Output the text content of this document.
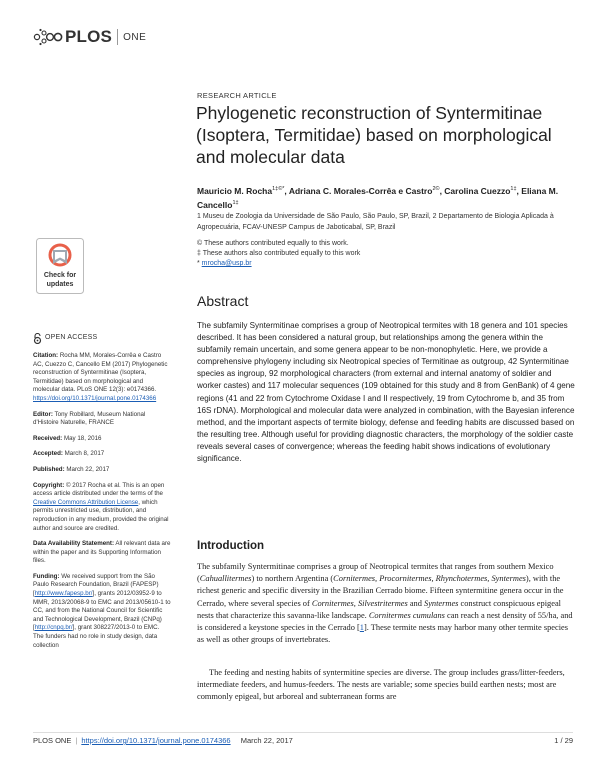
PLOS ONE
RESEARCH ARTICLE
Phylogenetic reconstruction of Syntermitinae (Isoptera, Termitidae) based on morphological and molecular data
Mauricio M. Rocha$^{1\ddagger©*}$, Adriana C. Morales-Corrêa e Castro$^{2©}$, Carolina Cuezzo$^{1\ddagger}$, Eliana M. Cancello$^{1\ddagger}$
1 Museu de Zoologia da Universidade de São Paulo, São Paulo, SP, Brazil, 2 Departamento de Biologia Aplicada à Agropecuária, FCAV-UNESP Campus de Jaboticabal, SP, Brazil
© These authors contributed equally to this work.
‡ These authors also contributed equally to this work
* mrocha@usp.br
Check for
updates
OPEN ACCESS
Citation: Rocha MM, Morales-Corrêa e Castro AC, Cuezzo C, Cancello EM (2017) Phylogenetic reconstruction of Syntermitinae (Isoptera, Termitidae) based on morphological and molecular data. PLoS ONE 12(3): e0174366. https://doi.org/10.1371/journal.pone.0174366
Editor: Tony Robillard, Museum National d'Histoire Naturelle, FRANCE
Received: May 18, 2016
Accepted: March 8, 2017
Published: March 22, 2017
Copyright: © 2017 Rocha et al. This is an open access article distributed under the terms of the Creative Commons Attribution License, which permits unrestricted use, distribution, and reproduction in any medium, provided the original author and source are credited.
Data Availability Statement: All relevant data are within the paper and its Supporting Information files.
Funding: We received support from the São Paulo Research Foundation, Brazil (FAPESP) [http://www.fapesp.br/], grants 2012/03952-9 to MMR, 2013/20068-9 to EMC and 2013/05610-1 to CC, and from the National Council for Scientific and Technological Development, Brazil (CNPq) [http://cnpq.br/], grant 308227/2013-0 to EMC. The funders had no role in study design, data collection
Abstract
The subfamily Syntermitinae comprises a group of Neotropical termites with 18 genera and 101 species described. It has been considered a natural group, but relationships among the genera within the subfamily remain uncertain, and some genera appear to be non-monophyletic. Here, we provide a comprehensive phylogeny including six Neotropical species of Termitinae as outgroup, 42 Syntermitinae species as ingroup, 92 morphological characters (from external and internal anatomy of soldier and worker castes) and 117 molecular sequences (109 obtained for this study and 8 from GenBank) of 4 gene regions (41 and 22 from Cytochrome Oxidase I and II respectively, 19 from Cytochrome b, and 35 from 16S rDNA). Morphological and molecular data were analyzed in combination, with the Bayesian inference method, and the important aspects of termite biology, defense and feeding habits are discussed based on the resulting tree. Although useful for providing diagnostic characters, the morphology of the soldier caste reveals several cases of convergence; whereas the feeding habit shows indications of evolutionary significance.
Introduction
The subfamily Syntermitinae comprises a group of Neotropical termites that ranges from southern Mexico (Cahuallitermes) to northern Argentina (Cornitermes, Procornitermes, Rhynchotermes, Syntermes), with the richest generic and specific diversity in the Brazilian Cerrado biome. Fifteen syntermitine genera occur in the Cerrado, where several species of Cornitermes, Silvestritermes and Syntermes construct conspicuous epigeal nests that characterize this savanna-like landscape. Cornitermes cumulans can reach a nest density of 55/ha, and is considered a keystone species in the Cerrado [1]. These termite nests may harbor many other termite species as well as other groups of invertebrates.
The feeding and nesting habits of syntermitine species are diverse. The group includes grass/litter-feeders, intermediate feeders, and humus-feeders. The nests are variable; some species build earthen nests; most are commonly epigeal, but arboreal and subterranean forms are
PLOS ONE | https://doi.org/10.1371/journal.pone.0174366 March 22, 2017	1 / 29
